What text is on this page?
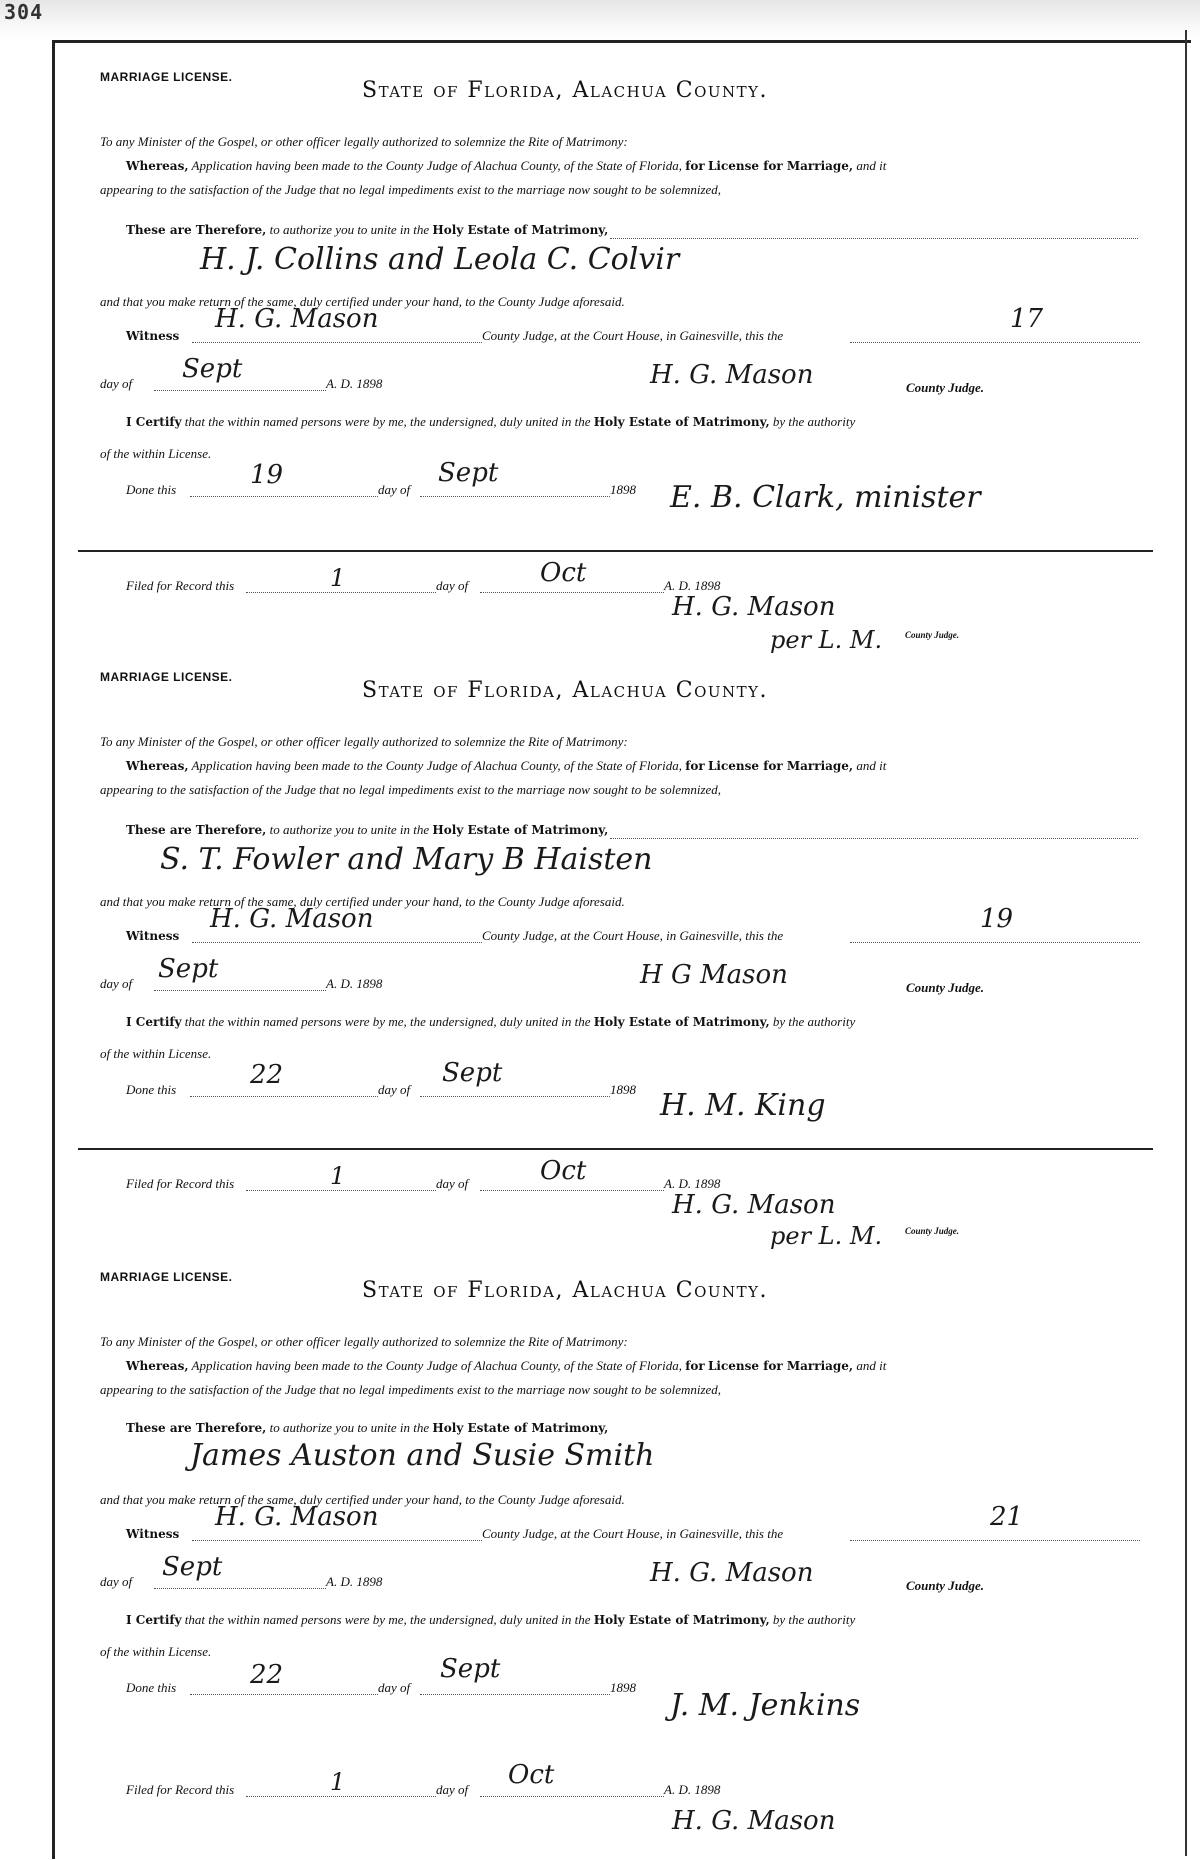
304
MARRIAGE LICENSE.
State of Florida, Alachua County.
To any Minister of the Gospel, or other officer legally authorized to solemnize the Rite of Matrimony:
Whereas, Application having been made to the County Judge of Alachua County, of the State of Florida, for License for Marriage, and it
appearing to the satisfaction of the Judge that no legal impediments exist to the marriage now sought to be solemnized,
These are Therefore, to authorize you to unite in the Holy Estate of Matrimony,
H. J. Collins and Leola C. Colvir
and that you make return of the same, duly certified under your hand, to the County Judge aforesaid.
Witness
H. G. Mason
County Judge, at the Court House, in Gainesville, this the
17
day of Sept	A. D. 1898	H. G. Mason	County Judge.
I Certify that the within named persons were by me, the undersigned, duly united in the Holy Estate of Matrimony, by the authority
of the within License.
Done this	19	day of
Sept
1898 E. B. Clark, minister
Filed for Record this	1	day of	Oct	A. D. 1898
H. G. Mason
per L. M.	County Judge.
MARRIAGE LICENSE.
State of Florida, Alachua County.
To any Minister of the Gospel, or other officer legally authorized to solemnize the Rite of Matrimony:
Whereas, Application having been made to the County Judge of Alachua County, of the State of Florida, for License for Marriage, and it
appearing to the satisfaction of the Judge that no legal impediments exist to the marriage now sought to be solemnized,
These are Therefore, to authorize you to unite in the Holy Estate of Matrimony,
S. T. Fowler and Mary B Haisten
and that you make return of the same, duly certified under your hand, to the County Judge aforesaid.
Witness
H. G. Mason
County Judge, at the Court House, in Gainesville, this the
19
day of Sept	A. D. 1898	H G Mason	County Judge.
I Certify that the within named persons were by me, the undersigned, duly united in the Holy Estate of Matrimony, by the authority
of the within License.
Done this	22	day of
Sept
1898 H. M. King
Filed for Record this	1	day of	Oct	A. D. 1898
H. G. Mason
per L. M.	County Judge.
MARRIAGE LICENSE.
State of Florida, Alachua County.
To any Minister of the Gospel, or other officer legally authorized to solemnize the Rite of Matrimony:
Whereas, Application having been made to the County Judge of Alachua County, of the State of Florida, for License for Marriage, and it
appearing to the satisfaction of the Judge that no legal impediments exist to the marriage now sought to be solemnized,
These are Therefore, to authorize you to unite in the Holy Estate of Matrimony,
James Auston and Susie Smith
and that you make return of the same, duly certified under your hand, to the County Judge aforesaid.
Witness
H. G. Mason
County Judge, at the Court House, in Gainesville, this the
21
day of Sept	A. D. 1898	H. G. Mason	County Judge.
I Certify that the within named persons were by me, the undersigned, duly united in the Holy Estate of Matrimony, by the authority
of the within License.
Done this	22	day of
Sept
1898
J. M. Jenkins
Filed for Record this	1	day of Oct	A. D. 1898
H. G. Mason
